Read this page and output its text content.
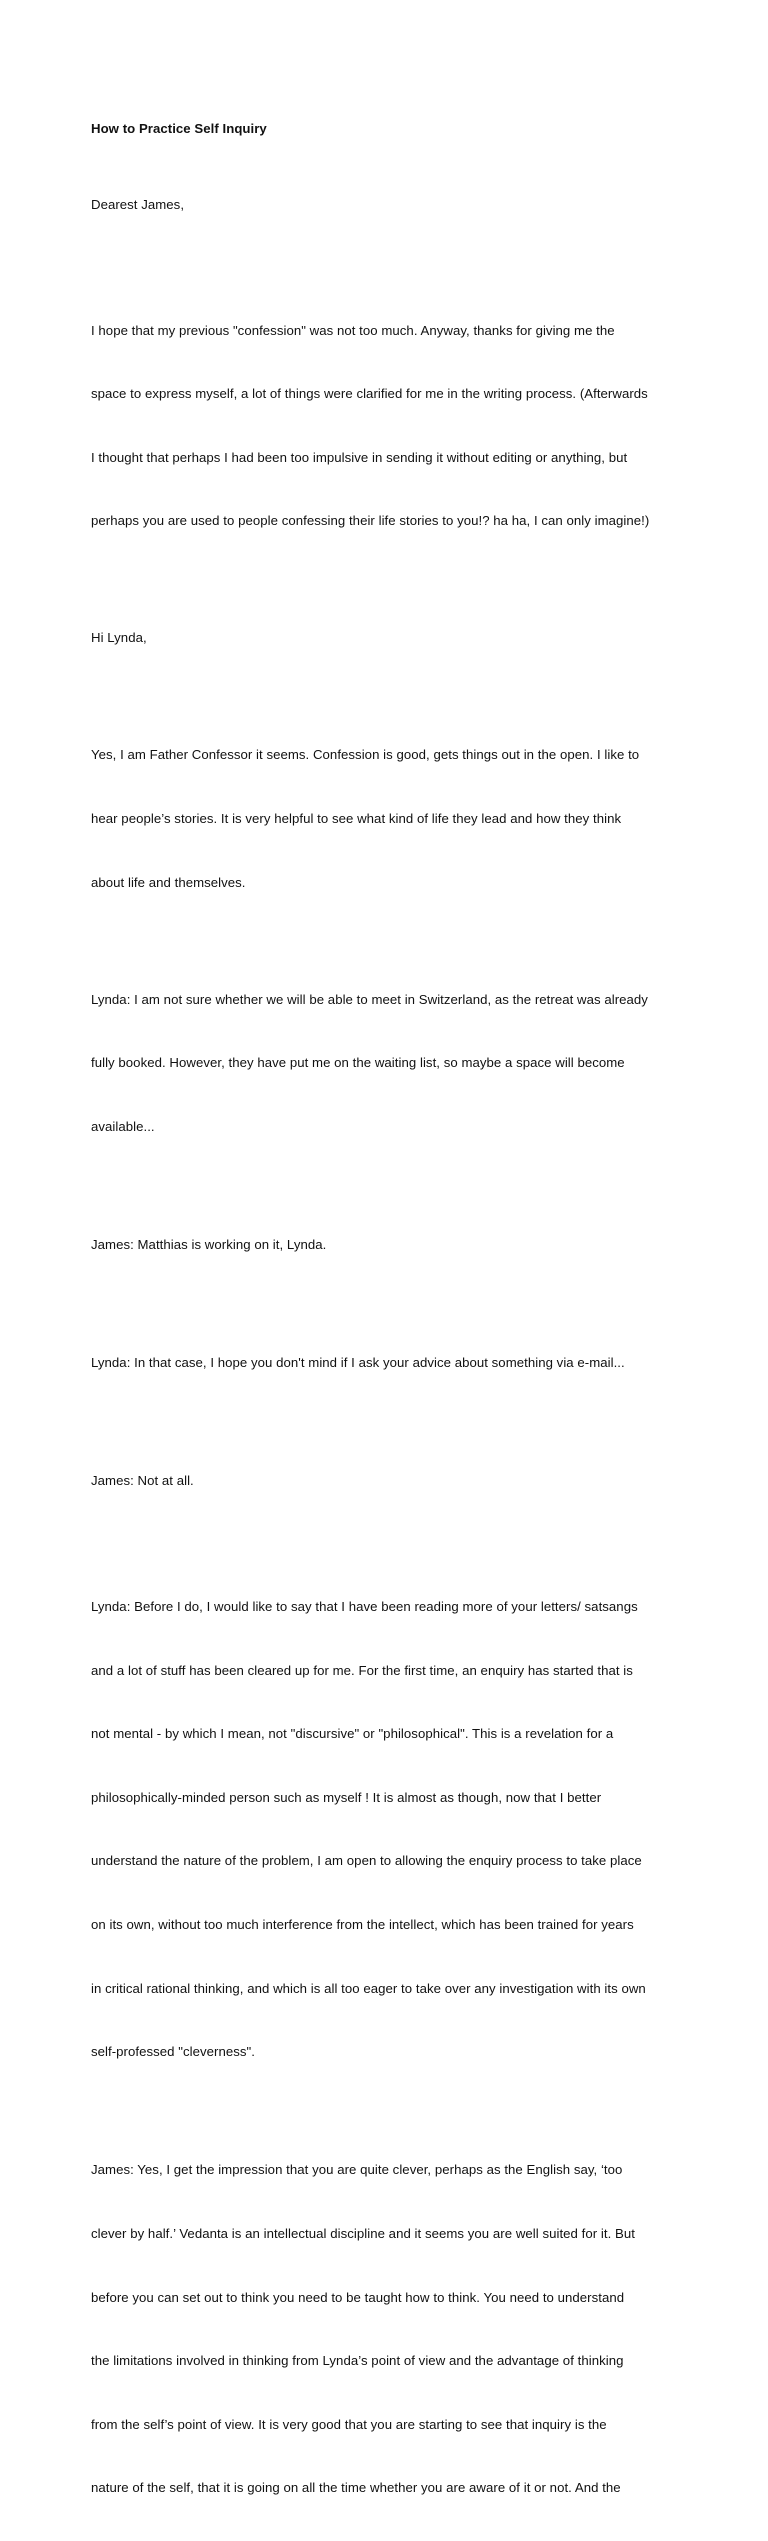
How to Practice Self Inquiry

Dearest James,

I hope that my previous "confession" was not too much. Anyway, thanks for giving me the

space to express myself, a lot of things were clarified for me in the writing process. (Afterwards

I thought that perhaps I had been too impulsive in sending it without editing or anything, but

perhaps you are used to people confessing their life stories to you!? ha ha, I can only imagine!)

Hi Lynda,

Yes, I am Father Confessor it seems. Confession is good, gets things out in the open. I like to

hear people’s stories. It is very helpful to see what kind of life they lead and how they think

about life and themselves.

Lynda: I am not sure whether we will be able to meet in Switzerland, as the retreat was already

fully booked. However, they have put me on the waiting list, so maybe a space will become

available...

James: Matthias is working on it, Lynda.

Lynda: In that case, I hope you don't mind if I ask your advice about something via e-mail...

James: Not at all.

Lynda: Before I do, I would like to say that I have been reading more of your letters/ satsangs

and a lot of stuff has been cleared up for me. For the first time, an enquiry has started that is

not mental - by which I mean, not "discursive" or "philosophical". This is a revelation for a

philosophically-minded person such as myself ! It is almost as though, now that I better

understand the nature of the problem, I am open to allowing the enquiry process to take place

on its own, without too much interference from the intellect, which has been trained for years

in critical rational thinking, and which is all too eager to take over any investigation with its own

self-professed "cleverness".

James: Yes, I get the impression that you are quite clever, perhaps as the English say, ‘too

clever by half.’ Vedanta is an intellectual discipline and it seems you are well suited for it. But

before you can set out to think you need to be taught how to think. You need to understand

the limitations involved in thinking from Lynda’s point of view and the advantage of thinking

from the self’s point of view. It is very good that you are starting to see that inquiry is the

nature of the self, that it is going on all the time whether you are aware of it or not. And the
